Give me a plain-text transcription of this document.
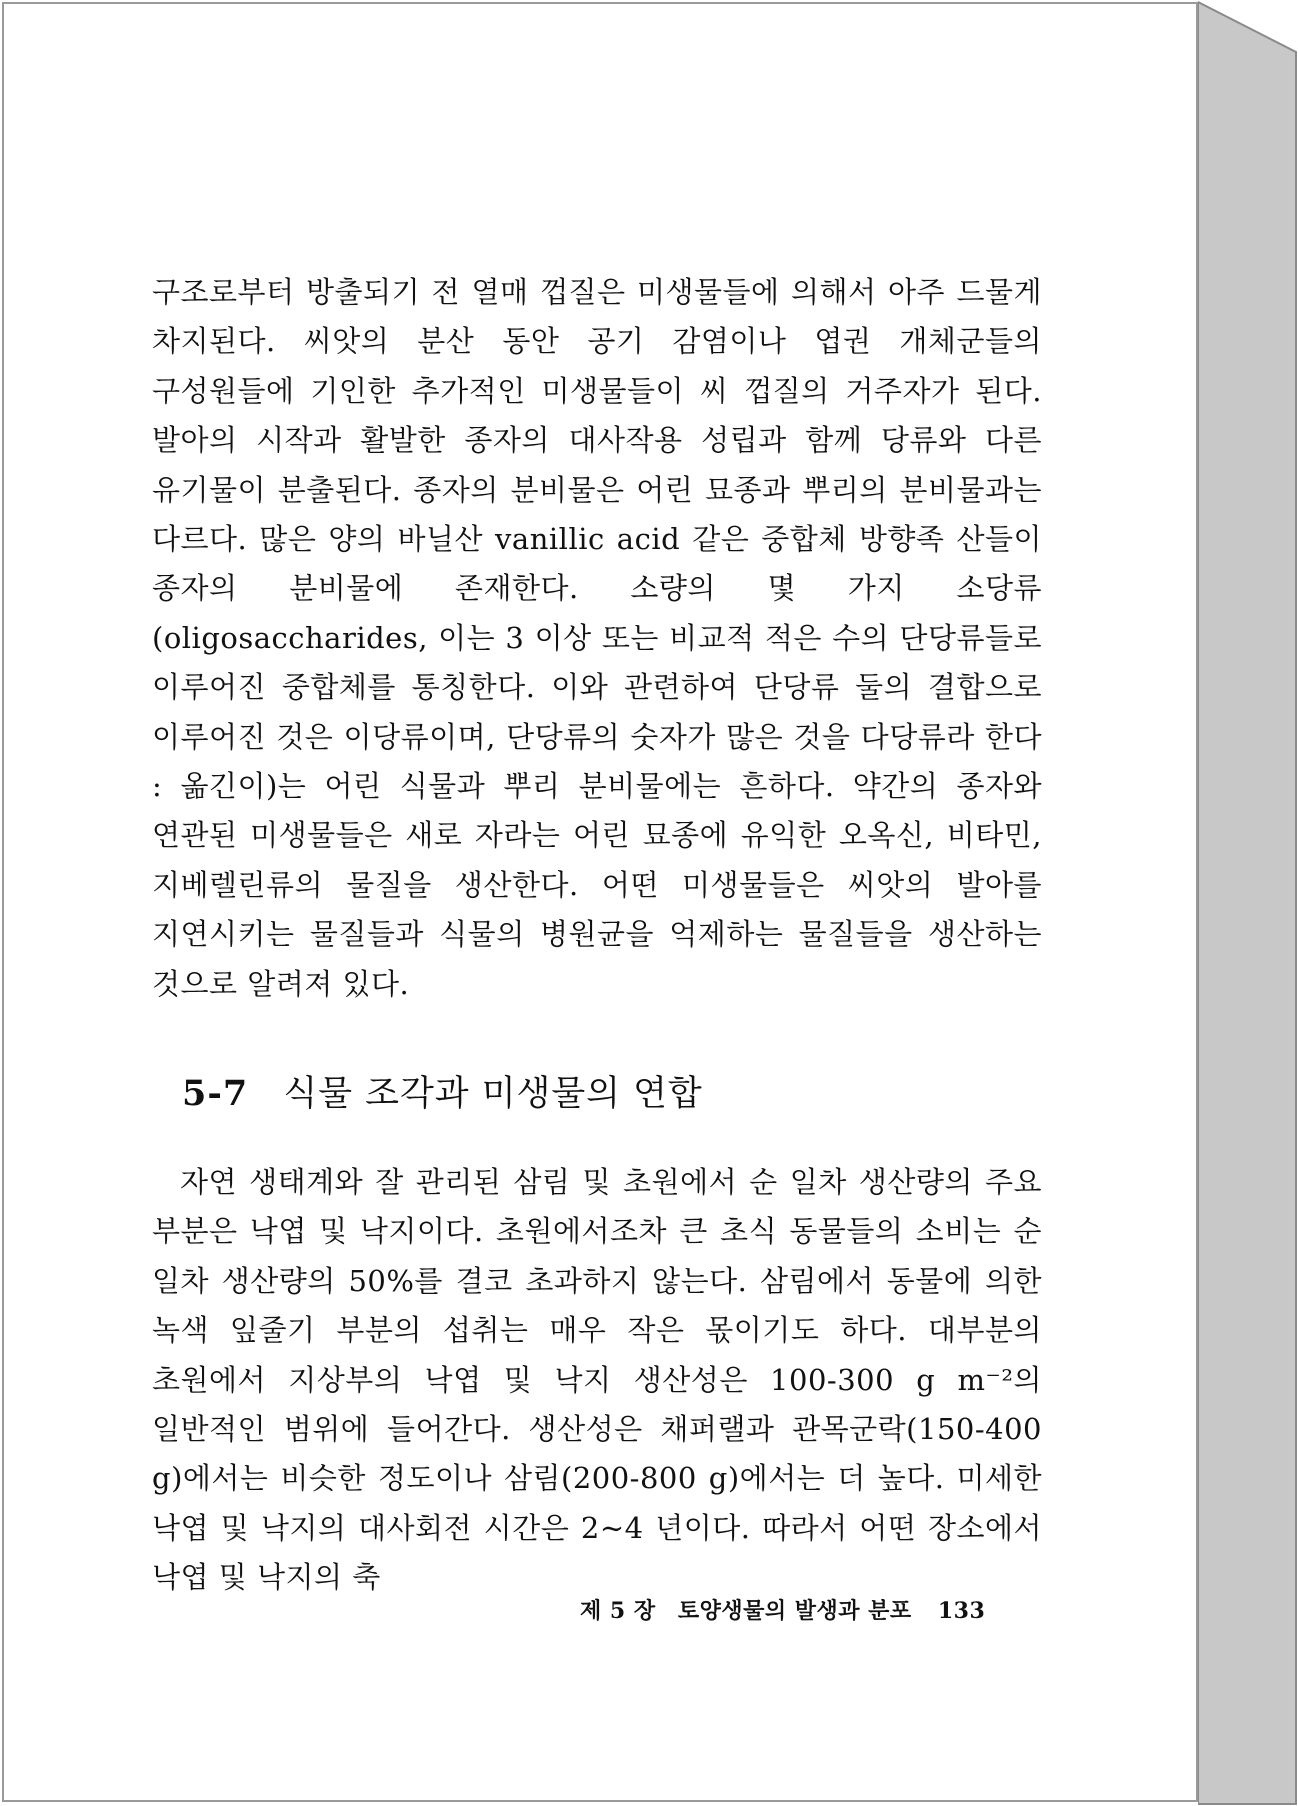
구조로부터 방출되기 전 열매 껍질은 미생물들에 의해서 아주 드물게 차지된다. 씨앗의 분산 동안 공기 감염이나 엽권 개체군들의 구성원들에 기인한 추가적인 미생물들이 씨 껍질의 거주자가 된다. 발아의 시작과 활발한 종자의 대사작용 성립과 함께 당류와 다른 유기물이 분출된다. 종자의 분비물은 어린 묘종과 뿌리의 분비물과는 다르다. 많은 양의 바닐산 vanillic acid 같은 중합체 방향족 산들이 종자의 분비물에 존재한다. 소량의 몇 가지 소당류(oligosaccharides, 이는 3 이상 또는 비교적 적은 수의 단당류들로 이루어진 중합체를 통칭한다. 이와 관련하여 단당류 둘의 결합으로 이루어진 것은 이당류이며, 단당류의 숫자가 많은 것을 다당류라 한다 : 옮긴이)는 어린 식물과 뿌리 분비물에는 흔하다. 약간의 종자와 연관된 미생물들은 새로 자라는 어린 묘종에 유익한 오옥신, 비타민, 지베렐린류의 물질을 생산한다. 어떤 미생물들은 씨앗의 발아를 지연시키는 물질들과 식물의 병원균을 억제하는 물질들을 생산하는 것으로 알려져 있다.

5-7 식물 조각과 미생물의 연합

자연 생태계와 잘 관리된 삼림 및 초원에서 순 일차 생산량의 주요 부분은 낙엽 및 낙지이다. 초원에서조차 큰 초식 동물들의 소비는 순 일차 생산량의 50%를 결코 초과하지 않는다. 삼림에서 동물에 의한 녹색 잎줄기 부분의 섭취는 매우 작은 몫이기도 하다. 대부분의 초원에서 지상부의 낙엽 및 낙지 생산성은 100-300 g m⁻²의 일반적인 범위에 들어간다. 생산성은 채퍼랠과 관목군락(150-400 g)에서는 비슷한 정도이나 삼림(200-800 g)에서는 더 높다. 미세한 낙엽 및 낙지의 대사회전 시간은 2∼4 년이다. 따라서 어떤 장소에서 낙엽 및 낙지의 축

제 5 장 토양생물의 발생과 분포 133
